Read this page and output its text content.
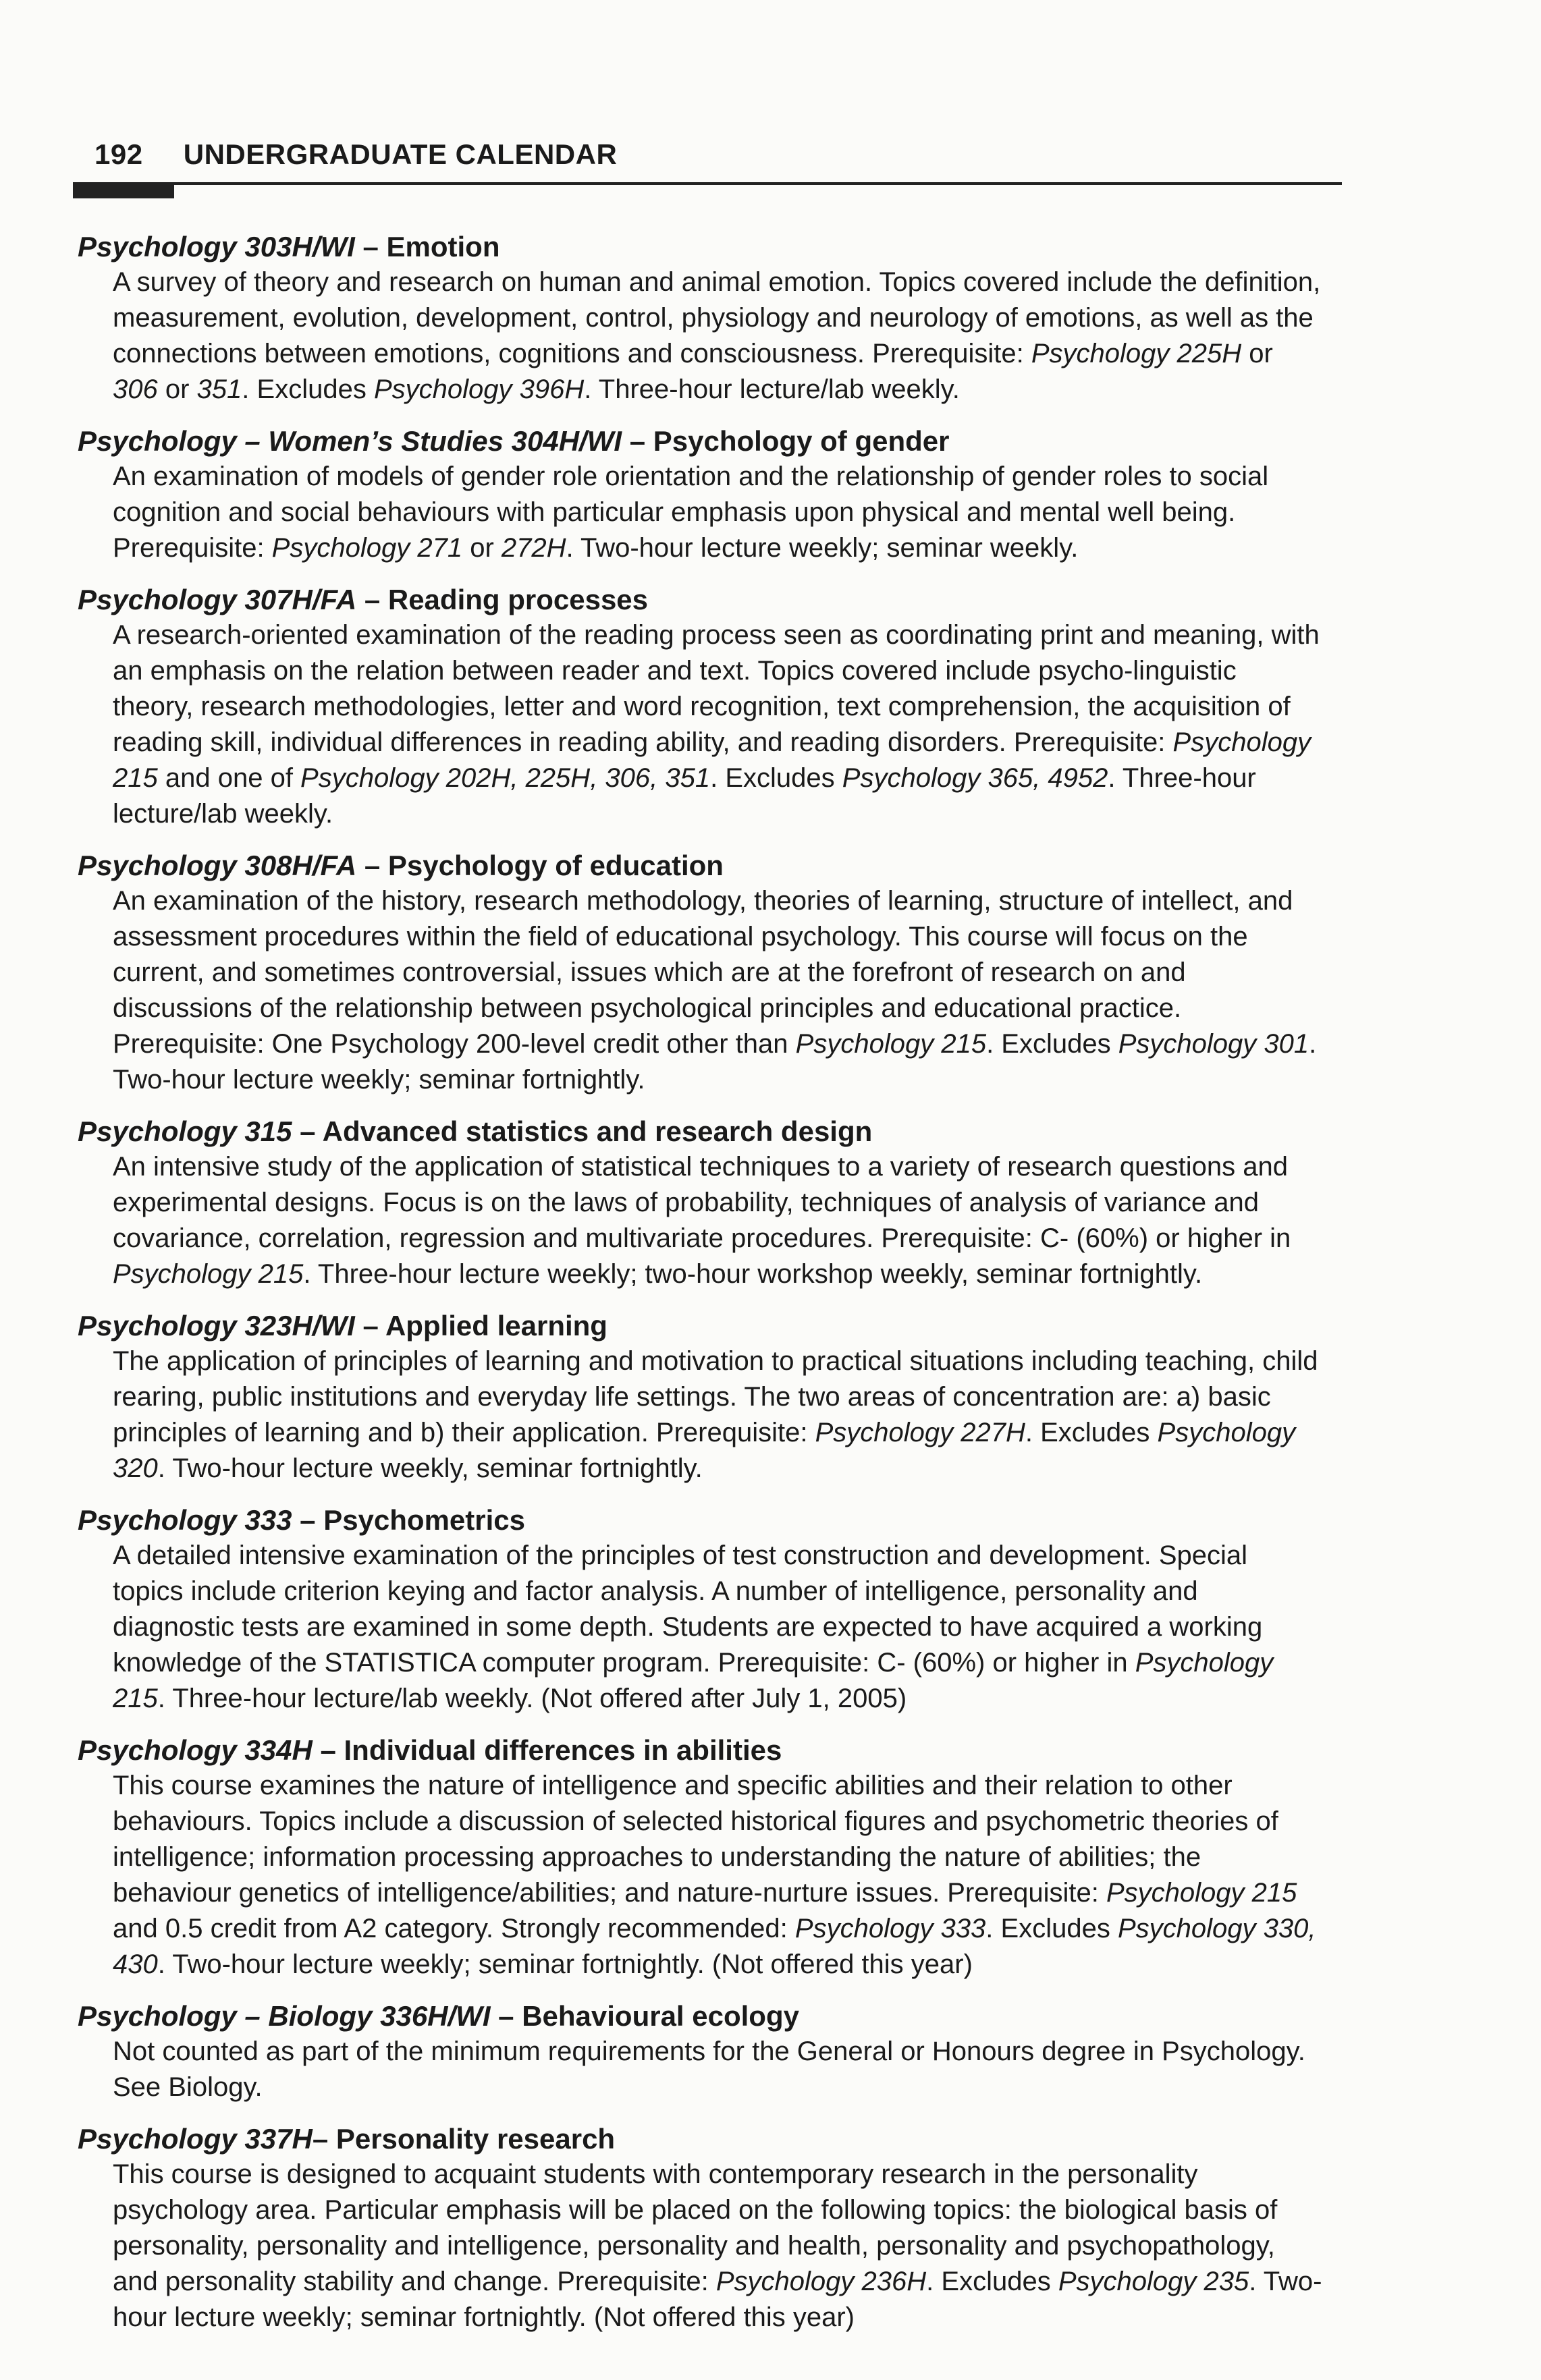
192 UNDERGRADUATE CALENDAR
Psychology 303H/WI – Emotion
A survey of theory and research on human and animal emotion. Topics covered include the definition, measurement, evolution, development, control, physiology and neurology of emotions, as well as the connections between emotions, cognitions and consciousness. Prerequisite: Psychology 225H or 306 or 351. Excludes Psychology 396H. Three-hour lecture/lab weekly.
Psychology – Women’s Studies 304H/WI – Psychology of gender
An examination of models of gender role orientation and the relationship of gender roles to social cognition and social behaviours with particular emphasis upon physical and mental well being. Prerequisite: Psychology 271 or 272H. Two-hour lecture weekly; seminar weekly.
Psychology 307H/FA – Reading processes
A research-oriented examination of the reading process seen as coordinating print and meaning, with an emphasis on the relation between reader and text. Topics covered include psycho-linguistic theory, research methodologies, letter and word recognition, text comprehension, the acquisition of reading skill, individual differences in reading ability, and reading disorders. Prerequisite: Psychology 215 and one of Psychology 202H, 225H, 306, 351. Excludes Psychology 365, 4952. Three-hour lecture/lab weekly.
Psychology 308H/FA – Psychology of education
An examination of the history, research methodology, theories of learning, structure of intellect, and assessment procedures within the field of educational psychology. This course will focus on the current, and sometimes controversial, issues which are at the forefront of research on and discussions of the relationship between psychological principles and educational practice. Prerequisite: One Psychology 200-level credit other than Psychology 215. Excludes Psychology 301. Two-hour lecture weekly; seminar fortnightly.
Psychology 315 – Advanced statistics and research design
An intensive study of the application of statistical techniques to a variety of research questions and experimental designs. Focus is on the laws of probability, techniques of analysis of variance and covariance, correlation, regression and multivariate procedures. Prerequisite: C- (60%) or higher in Psychology 215. Three-hour lecture weekly; two-hour workshop weekly, seminar fortnightly.
Psychology 323H/WI – Applied learning
The application of principles of learning and motivation to practical situations including teaching, child rearing, public institutions and everyday life settings. The two areas of concentration are: a) basic principles of learning and b) their application. Prerequisite: Psychology 227H. Excludes Psychology 320. Two-hour lecture weekly, seminar fortnightly.
Psychology 333 – Psychometrics
A detailed intensive examination of the principles of test construction and development. Special topics include criterion keying and factor analysis. A number of intelligence, personality and diagnostic tests are examined in some depth. Students are expected to have acquired a working knowledge of the STATISTICA computer program. Prerequisite: C- (60%) or higher in Psychology 215. Three-hour lecture/lab weekly. (Not offered after July 1, 2005)
Psychology 334H – Individual differences in abilities
This course examines the nature of intelligence and specific abilities and their relation to other behaviours. Topics include a discussion of selected historical figures and psychometric theories of intelligence; information processing approaches to understanding the nature of abilities; the behaviour genetics of intelligence/abilities; and nature-nurture issues. Prerequisite: Psychology 215 and 0.5 credit from A2 category. Strongly recommended: Psychology 333. Excludes Psychology 330, 430. Two-hour lecture weekly; seminar fortnightly. (Not offered this year)
Psychology – Biology 336H/WI – Behavioural ecology
Not counted as part of the minimum requirements for the General or Honours degree in Psychology. See Biology.
Psychology 337H– Personality research
This course is designed to acquaint students with contemporary research in the personality psychology area. Particular emphasis will be placed on the following topics: the biological basis of personality, personality and intelligence, personality and health, personality and psychopathology, and personality stability and change. Prerequisite: Psychology 236H. Excludes Psychology 235. Two-hour lecture weekly; seminar fortnightly. (Not offered this year)
